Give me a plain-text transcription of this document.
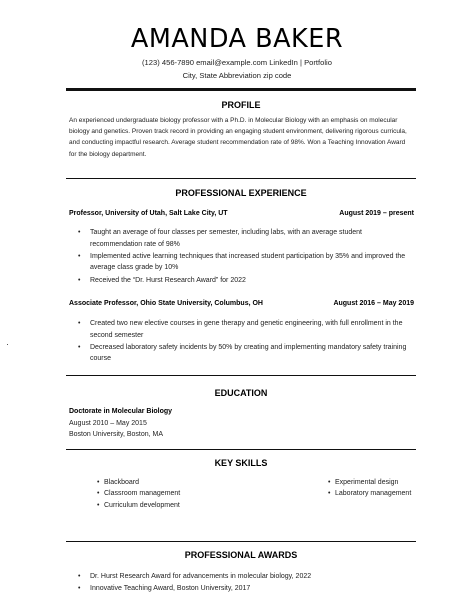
AMANDA BAKER
(123) 456-7890 email@example.com LinkedIn | Portfolio
City, State Abbreviation zip code
PROFILE
An experienced undergraduate biology professor with a Ph.D. in Molecular Biology with an emphasis on molecular biology and genetics. Proven track record in providing an engaging student environment, delivering rigorous curricula, and conducting impactful research. Average student recommendation rate of 98%. Won a Teaching Innovation Award for the biology department.
PROFESSIONAL EXPERIENCE
Professor, University of Utah, Salt Lake City, UT	August 2019 – present
• Taught an average of four classes per semester, including labs, with an average student recommendation rate of 98%
• Implemented active learning techniques that increased student participation by 35% and improved the average class grade by 10%
• Received the “Dr. Hurst Research Award” for 2022
Associate Professor, Ohio State University, Columbus, OH	August 2016 – May 2019
• Created two new elective courses in gene therapy and genetic engineering, with full enrollment in the second semester
• Decreased laboratory safety incidents by 50% by creating and implementing mandatory safety training course
EDUCATION
Doctorate in Molecular Biology
August 2010 – May 2015
Boston University, Boston, MA
KEY SKILLS
• Blackboard
• Classroom management
• Curriculum development
• Experimental design
• Laboratory management
PROFESSIONAL AWARDS
• Dr. Hurst Research Award for advancements in molecular biology, 2022
• Innovative Teaching Award, Boston University, 2017
